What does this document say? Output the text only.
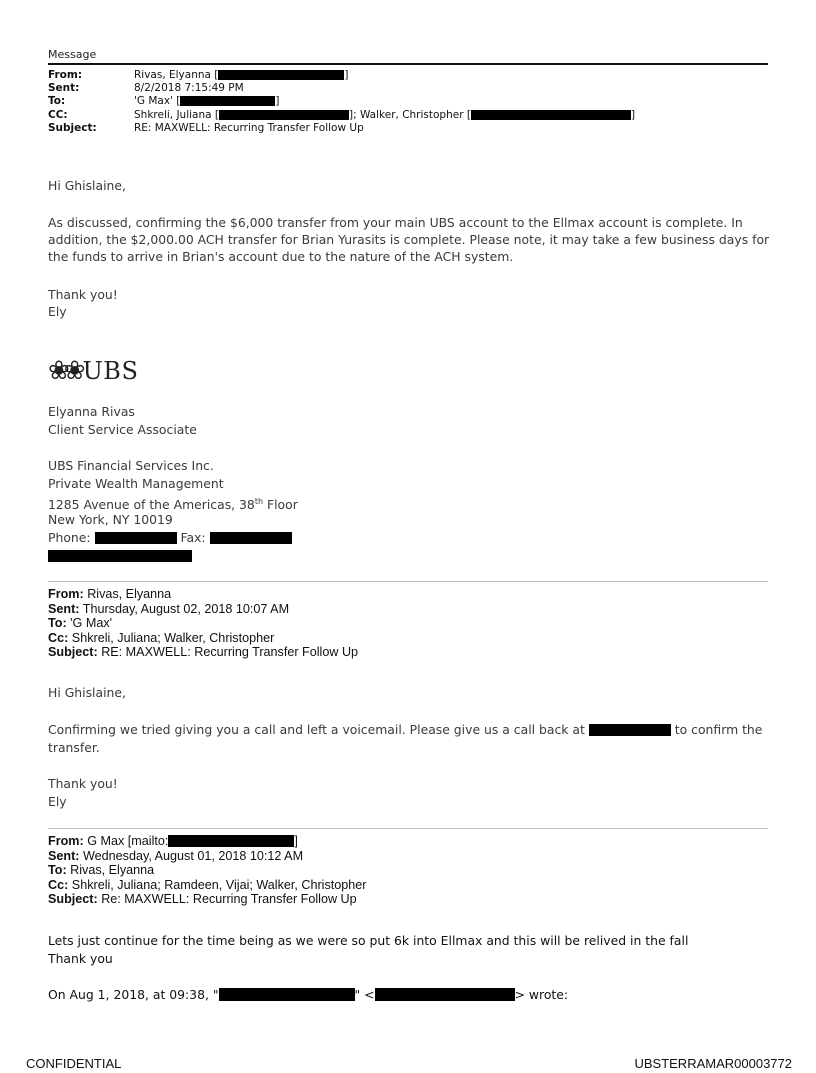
Message
From:	Rivas, Elyanna [	]
Sent:	8/2/2018 7:15:49 PM
To:	'G Max' [	]
CC:	Shkreli, Juliana [	]; Walker, Christopher [	]
Subject:	RE: MAXWELL: Recurring Transfer Follow Up
Hi Ghislaine,
As discussed, confirming the $6,000 transfer from your main UBS account to the Ellmax account is complete. In addition, the $2,000.00 ACH transfer for Brian Yurasits is complete. Please note, it may take a few business days for the funds to arrive in Brian's account due to the nature of the ACH system.
Thank you!
Ely
❀❀ UBS
Elyanna Rivas
Client Service Associate
UBS Financial Services Inc.
Private Wealth Management
1285 Avenue of the Americas, 38th Floor
New York, NY 10019
Phone:	Fax:
From: Rivas, Elyanna
Sent: Thursday, August 02, 2018 10:07 AM
To: 'G Max'
Cc: Shkreli, Juliana; Walker, Christopher
Subject: RE: MAXWELL: Recurring Transfer Follow Up
Hi Ghislaine,
Confirming we tried giving you a call and left a voicemail. Please give us a call back at	to confirm the
transfer.
Thank you!
Ely
From: G Max [mailto:	]
Sent: Wednesday, August 01, 2018 10:12 AM
To: Rivas, Elyanna
Cc: Shkreli, Juliana; Ramdeen, Vijai; Walker, Christopher
Subject: Re: MAXWELL: Recurring Transfer Follow Up
Lets just continue for the time being as we were so put 6k into Ellmax and this will be relived in the fall
Thank you
On Aug 1, 2018, at 09:38, "	" <	> wrote:
CONFIDENTIAL	UBSTERRAMAR00003772
